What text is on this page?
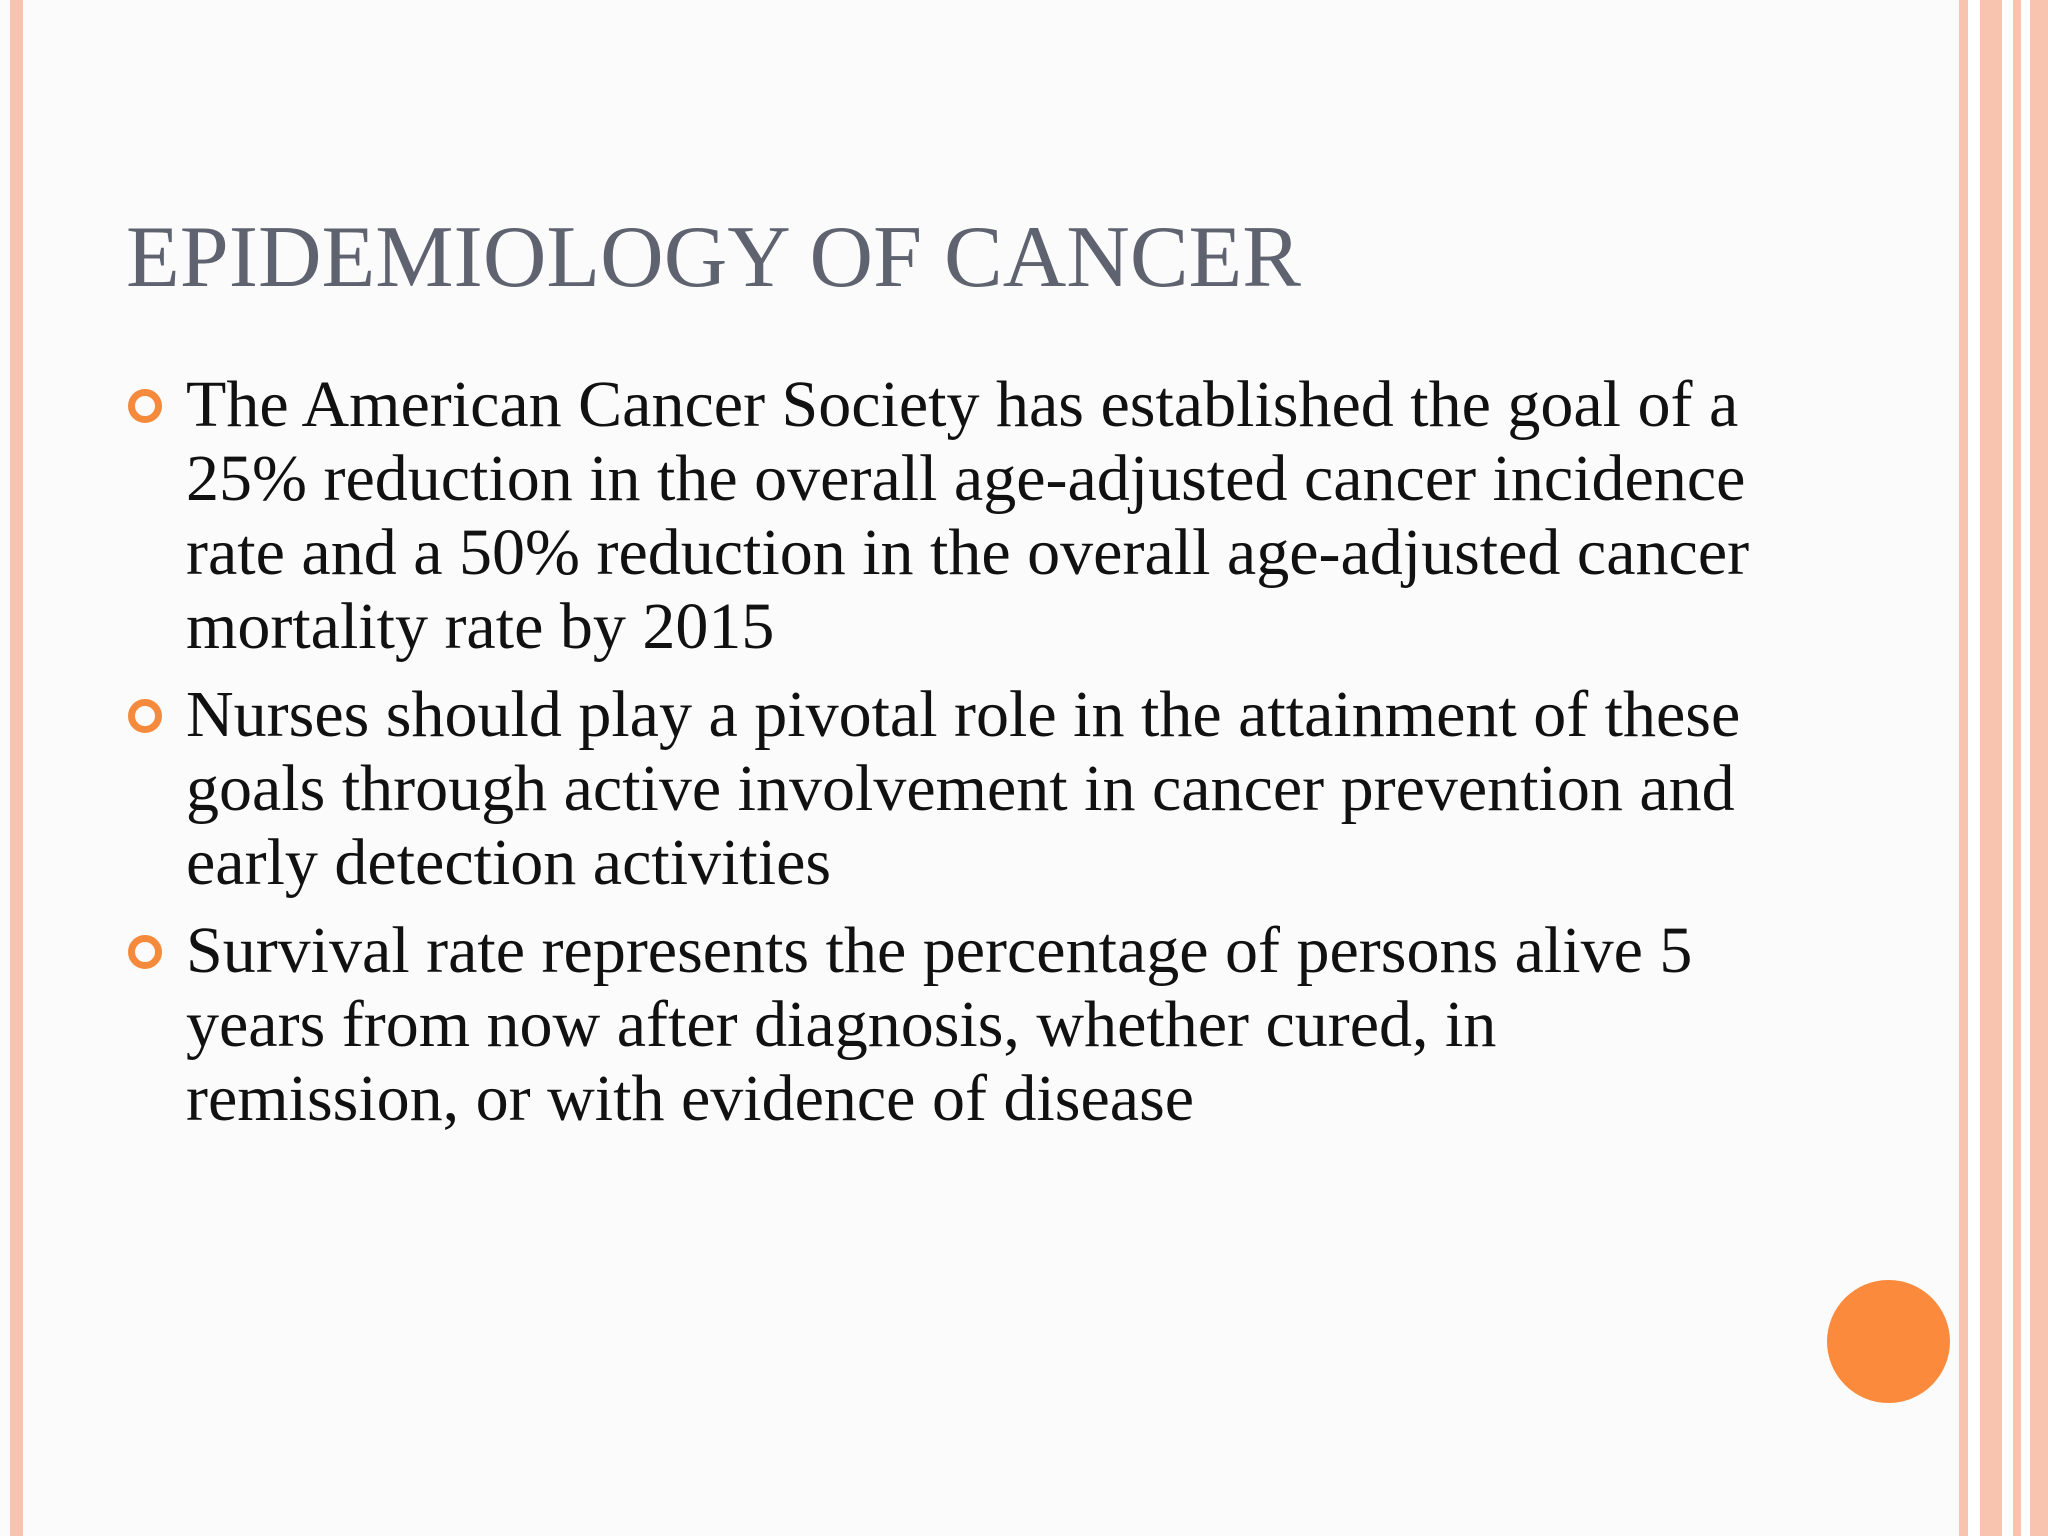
EPIDEMIOLOGY OF CANCER
The American Cancer Society has established the goal of a 25% reduction in the overall age-adjusted cancer incidence rate and a 50% reduction in the overall age-adjusted cancer mortality rate by 2015
Nurses should play a pivotal role in the attainment of these goals through active involvement in cancer prevention and early detection activities
Survival rate represents the percentage of persons alive 5 years from now after diagnosis, whether cured, in remission, or with evidence of disease
